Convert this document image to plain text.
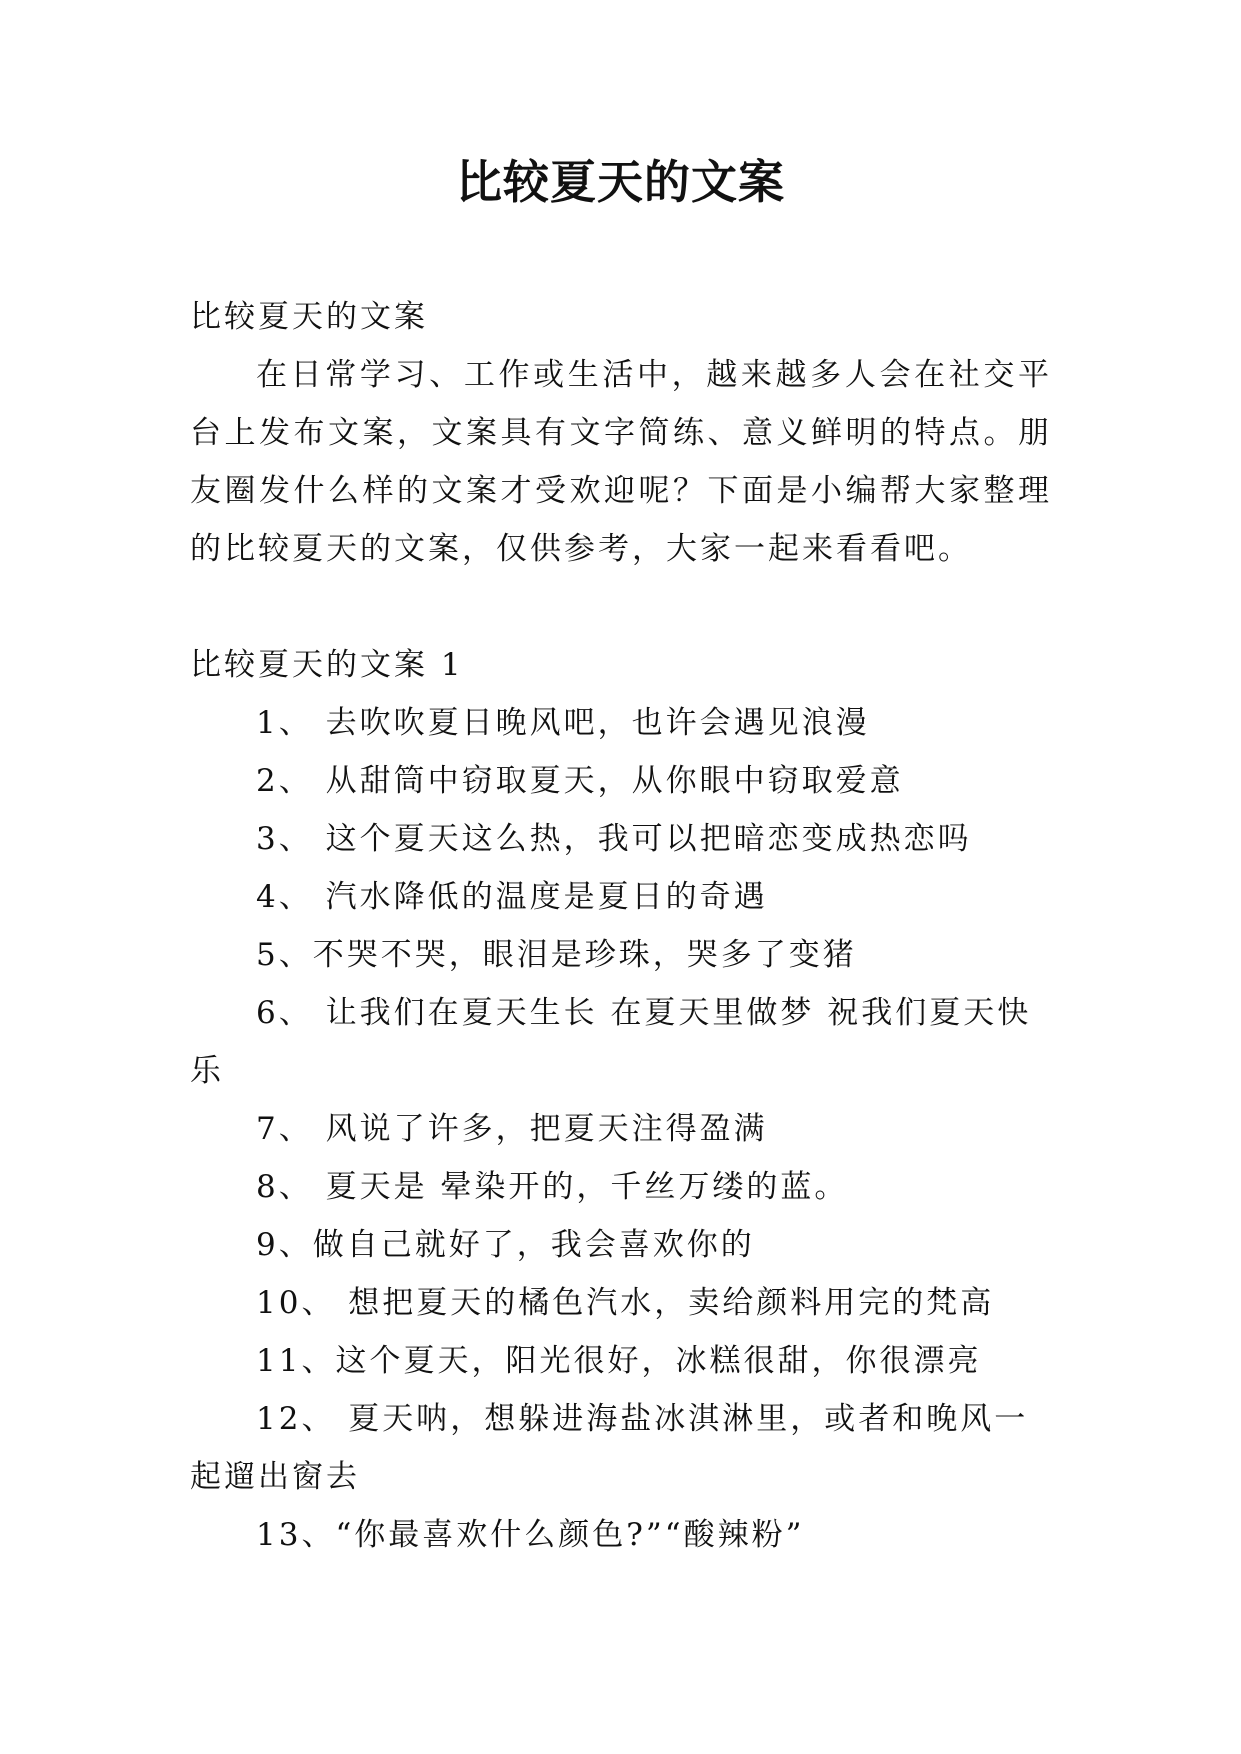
比较夏天的文案

比较夏天的文案

在日常学习、工作或生活中，越来越多人会在社交平台上发布文案，文案具有文字简练、意义鲜明的特点。朋友圈发什么样的文案才受欢迎呢？下面是小编帮大家整理的比较夏天的文案，仅供参考，大家一起来看看吧。

比较夏天的文案 1

1、 去吹吹夏日晚风吧，也许会遇见浪漫

2、 从甜筒中窃取夏天，从你眼中窃取爱意

3、 这个夏天这么热，我可以把暗恋变成热恋吗

4、 汽水降低的温度是夏日的奇遇

5、不哭不哭，眼泪是珍珠，哭多了变猪

6、 让我们在夏天生长 在夏天里做梦 祝我们夏天快乐

7、 风说了许多，把夏天注得盈满

8、 夏天是 晕染开的，千丝万缕的蓝。

9、做自己就好了，我会喜欢你的

10、 想把夏天的橘色汽水，卖给颜料用完的梵高

11、这个夏天，阳光很好，冰糕很甜，你很漂亮

12、 夏天呐，想躲进海盐冰淇淋里，或者和晚风一起遛出窗去

13、“你最喜欢什么颜色?”“酸辣粉”
